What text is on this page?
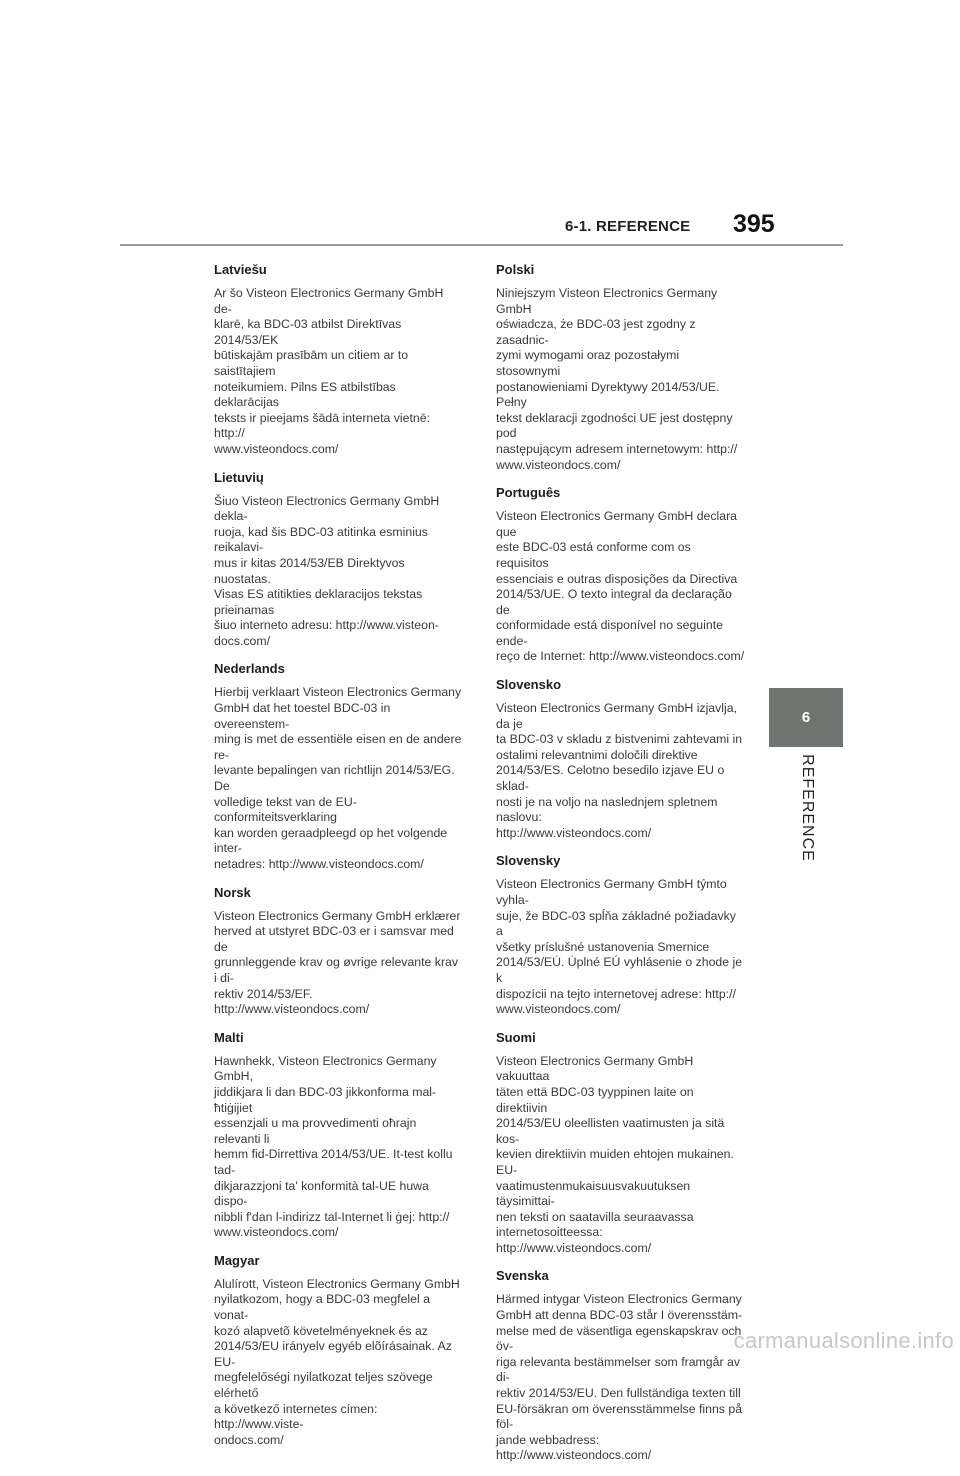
6-1. REFERENCE 395
6
REFERENCE

Latviešu

Ar šo Visteon Electronics Germany GmbH de-
klarē, ka BDC-03 atbilst Direktīvas 2014/53/EK
būtiskajām prasībām un citiem ar to saistītajiem
noteikumiem. Pilns ES atbilstības deklarācijas
teksts ir pieejams šādā interneta vietnē: http://
www.visteondocs.com/

Lietuvių

Šiuo Visteon Electronics Germany GmbH dekla-
ruoja, kad šis BDC-03 atitinka esminius reikalavi-
mus ir kitas 2014/53/EB Direktyvos nuostatas.
Visas ES atitikties deklaracijos tekstas prieinamas
šiuo interneto adresu: http://www.visteon-
docs.com/

Nederlands

Hierbij verklaart Visteon Electronics Germany
GmbH dat het toestel BDC-03 in overeenstem-
ming is met de essentiële eisen en de andere re-
levante bepalingen van richtlijn 2014/53/EG. De
volledige tekst van de EU-conformiteitsverklaring
kan worden geraadpleegd op het volgende inter-
netadres: http://www.visteondocs.com/

Norsk

Visteon Electronics Germany GmbH erklærer
herved at utstyret BDC-03 er i samsvar med de
grunnleggende krav og øvrige relevante krav i di-
rektiv 2014/53/EF. http://www.visteondocs.com/

Malti

Hawnhekk, Visteon Electronics Germany GmbH,
jiddikjara li dan BDC-03 jikkonforma mal-ħtiġijiet
essenzjali u ma provvedimenti oħrajn relevanti li
hemm fid-Dirrettiva 2014/53/UE. It-test kollu tad-
dikjarazzjoni ta' konformità tal-UE huwa dispo-
nibbli f'dan l-indirizz tal-Internet li ġej: http://
www.visteondocs.com/

Magyar

Alulírott, Visteon Electronics Germany GmbH
nyilatkozom, hogy a BDC-03 megfelel a vonat-
kozó alapvetõ követelményeknek és az
2014/53/EU irányelv egyéb elõírásainak. Az EU-
megfelelőségi nyilatkozat teljes szövege elérhető
a következő internetes címen: http://www.viste-
ondocs.com/

Polski

Niniejszym Visteon Electronics Germany GmbH
oświadcza, że BDC-03 jest zgodny z zasadnic-
zymi wymogami oraz pozostałymi stosownymi
postanowieniami Dyrektywy 2014/53/UE. Pełny
tekst deklaracji zgodności UE jest dostępny pod
następującym adresem internetowym: http://
www.visteondocs.com/

Português

Visteon Electronics Germany GmbH declara que
este BDC-03 está conforme com os requisitos
essenciais e outras disposições da Directiva
2014/53/UE. O texto integral da declaração de
conformidade está disponível no seguinte ende-
reço de Internet: http://www.visteondocs.com/

Slovensko

Visteon Electronics Germany GmbH izjavlja, da je
ta BDC-03 v skladu z bistvenimi zahtevami in
ostalimi relevantnimi določili direktive
2014/53/ES. Celotno besedilo izjave EU o sklad-
nosti je na voljo na naslednjem spletnem naslovu:
http://www.visteondocs.com/

Slovensky

Visteon Electronics Germany GmbH týmto vyhla-
suje, že BDC-03 spĺňa základné požiadavky a
všetky príslušné ustanovenia Smernice
2014/53/EÚ. Úplné EÚ vyhlásenie o zhode je k
dispozícii na tejto internetovej adrese: http://
www.visteondocs.com/

Suomi

Visteon Electronics Germany GmbH vakuuttaa
täten että BDC-03 tyyppinen laite on direktiivin
2014/53/EU oleellisten vaatimusten ja sitä kos-
kevien direktiivin muiden ehtojen mukainen. EU-
vaatimustenmukaisuusvakuutuksen täysimittai-
nen teksti on saatavilla seuraavassa
internetosoitteessa: http://www.visteondocs.com/

Svenska

Härmed intygar Visteon Electronics Germany
GmbH att denna BDC-03 står I överensstäm-
melse med de väsentliga egenskapskrav och öv-
riga relevanta bestämmelser som framgår av di-
rektiv 2014/53/EU. Den fullständiga texten till
EU-försäkran om överensstämmelse finns på föl-
jande webbadress: http://www.visteondocs.com/

carmanualsonline.info
